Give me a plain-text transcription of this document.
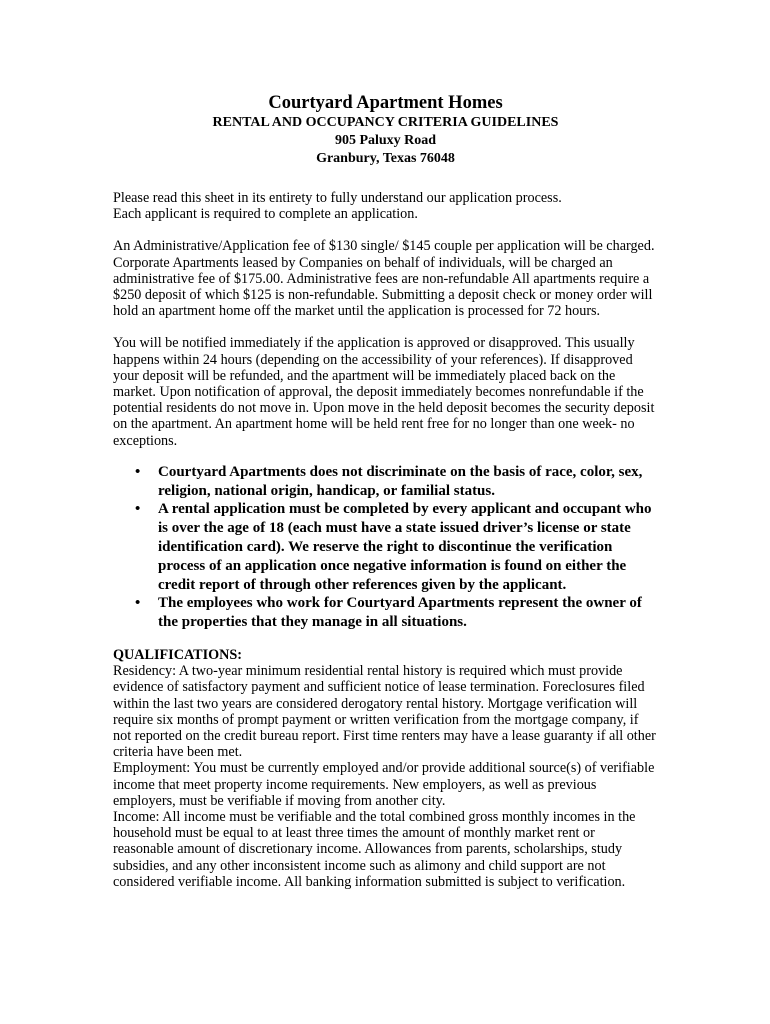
Courtyard Apartment Homes
RENTAL AND OCCUPANCY CRITERIA GUIDELINES
905 Paluxy Road
Granbury, Texas 76048

Please read this sheet in its entirety to fully understand our application process.
Each applicant is required to complete an application.

An Administrative/Application fee of $130 single/ $145 couple per application will be charged. Corporate Apartments leased by Companies on behalf of individuals, will be charged an administrative fee of $175.00. Administrative fees are non-refundable All apartments require a $250 deposit of which $125 is non-refundable. Submitting a deposit check or money order will hold an apartment home off the market until the application is processed for 72 hours.

You will be notified immediately if the application is approved or disapproved. This usually happens within 24 hours (depending on the accessibility of your references). If disapproved your deposit will be refunded, and the apartment will be immediately placed back on the market. Upon notification of approval, the deposit immediately becomes nonrefundable if the potential residents do not move in. Upon move in the held deposit becomes the security deposit on the apartment. An apartment home will be held rent free for no longer than one week- no exceptions.

• Courtyard Apartments does not discriminate on the basis of race, color, sex, religion, national origin, handicap, or familial status.
• A rental application must be completed by every applicant and occupant who is over the age of 18 (each must have a state issued driver’s license or state identification card). We reserve the right to discontinue the verification process of an application once negative information is found on either the credit report of through other references given by the applicant.
• The employees who work for Courtyard Apartments represent the owner of the properties that they manage in all situations.
QUALIFICATIONS:

Residency: A two-year minimum residential rental history is required which must provide evidence of satisfactory payment and sufficient notice of lease termination. Foreclosures filed within the last two years are considered derogatory rental history. Mortgage verification will require six months of prompt payment or written verification from the mortgage company, if not reported on the credit bureau report. First time renters may have a lease guaranty if all other criteria have been met.

Employment: You must be currently employed and/or provide additional source(s) of verifiable income that meet property income requirements. New employers, as well as previous employers, must be verifiable if moving from another city.

Income: All income must be verifiable and the total combined gross monthly incomes in the household must be equal to at least three times the amount of monthly market rent or reasonable amount of discretionary income. Allowances from parents, scholarships, study subsidies, and any other inconsistent income such as alimony and child support are not considered verifiable income. All banking information submitted is subject to verification.
